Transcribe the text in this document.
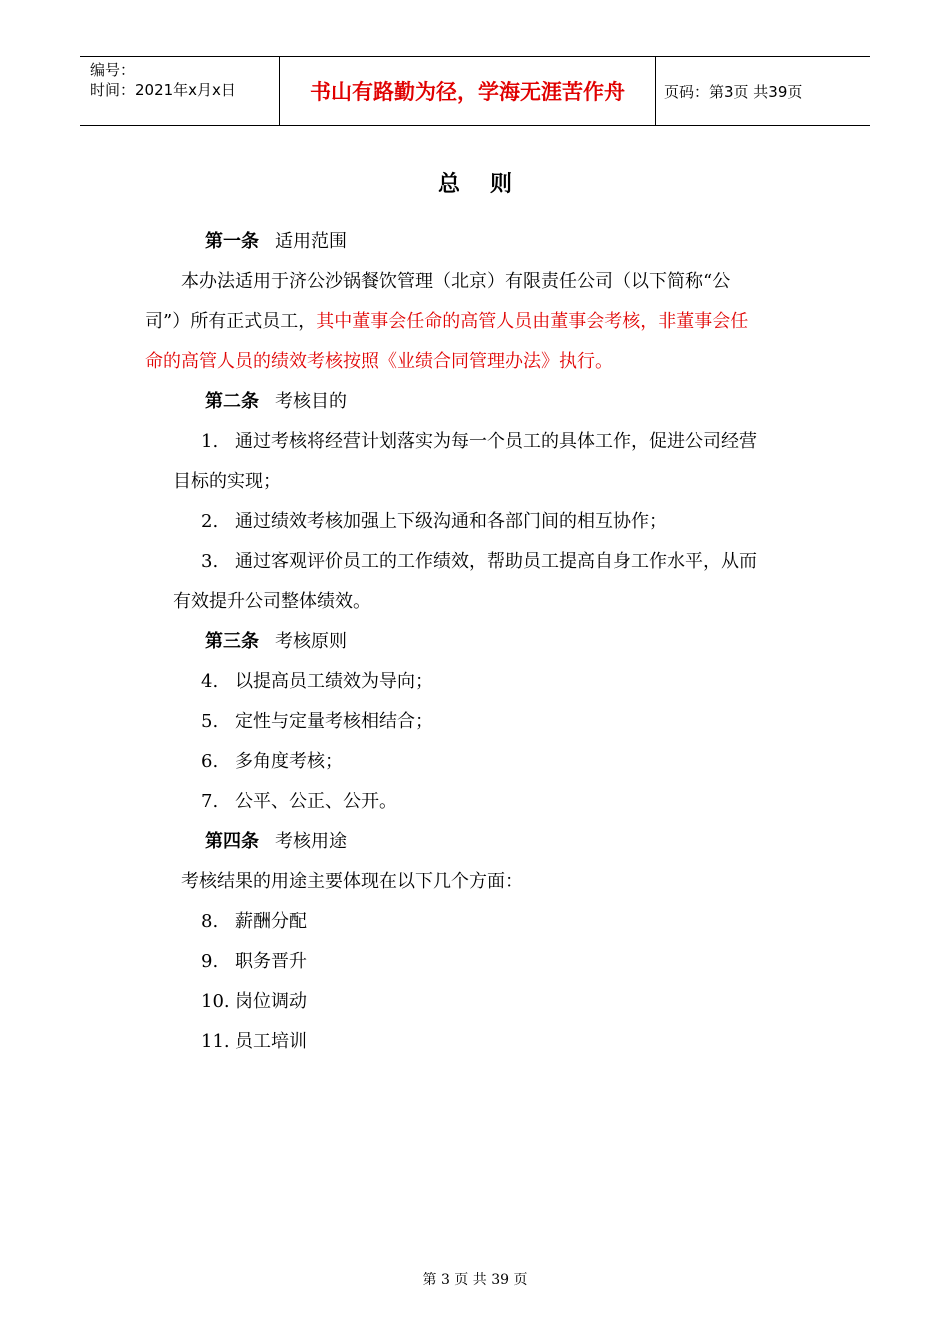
编号：
时间：2021年x月x日	书山有路勤为径，学海无涯苦作舟	页码：第3页 共39页
总则
第一条 适用范围
本办法适用于济公沙锅餐饮管理（北京）有限责任公司（以下简称“公
司”）所有正式员工，其中董事会任命的高管人员由董事会考核，非董事会任
命的高管人员的绩效考核按照《业绩合同管理办法》执行。
第二条 考核目的
1. 通过考核将经营计划落实为每一个员工的具体工作，促进公司经营
目标的实现；
2. 通过绩效考核加强上下级沟通和各部门间的相互协作；
3. 通过客观评价员工的工作绩效，帮助员工提高自身工作水平，从而
有效提升公司整体绩效。
第三条 考核原则
4. 以提高员工绩效为导向；
5. 定性与定量考核相结合；
6. 多角度考核；
7. 公平、公正、公开。
第四条 考核用途
考核结果的用途主要体现在以下几个方面：
8. 薪酬分配
9. 职务晋升
10. 岗位调动
11. 员工培训
第 3 页 共 39 页
